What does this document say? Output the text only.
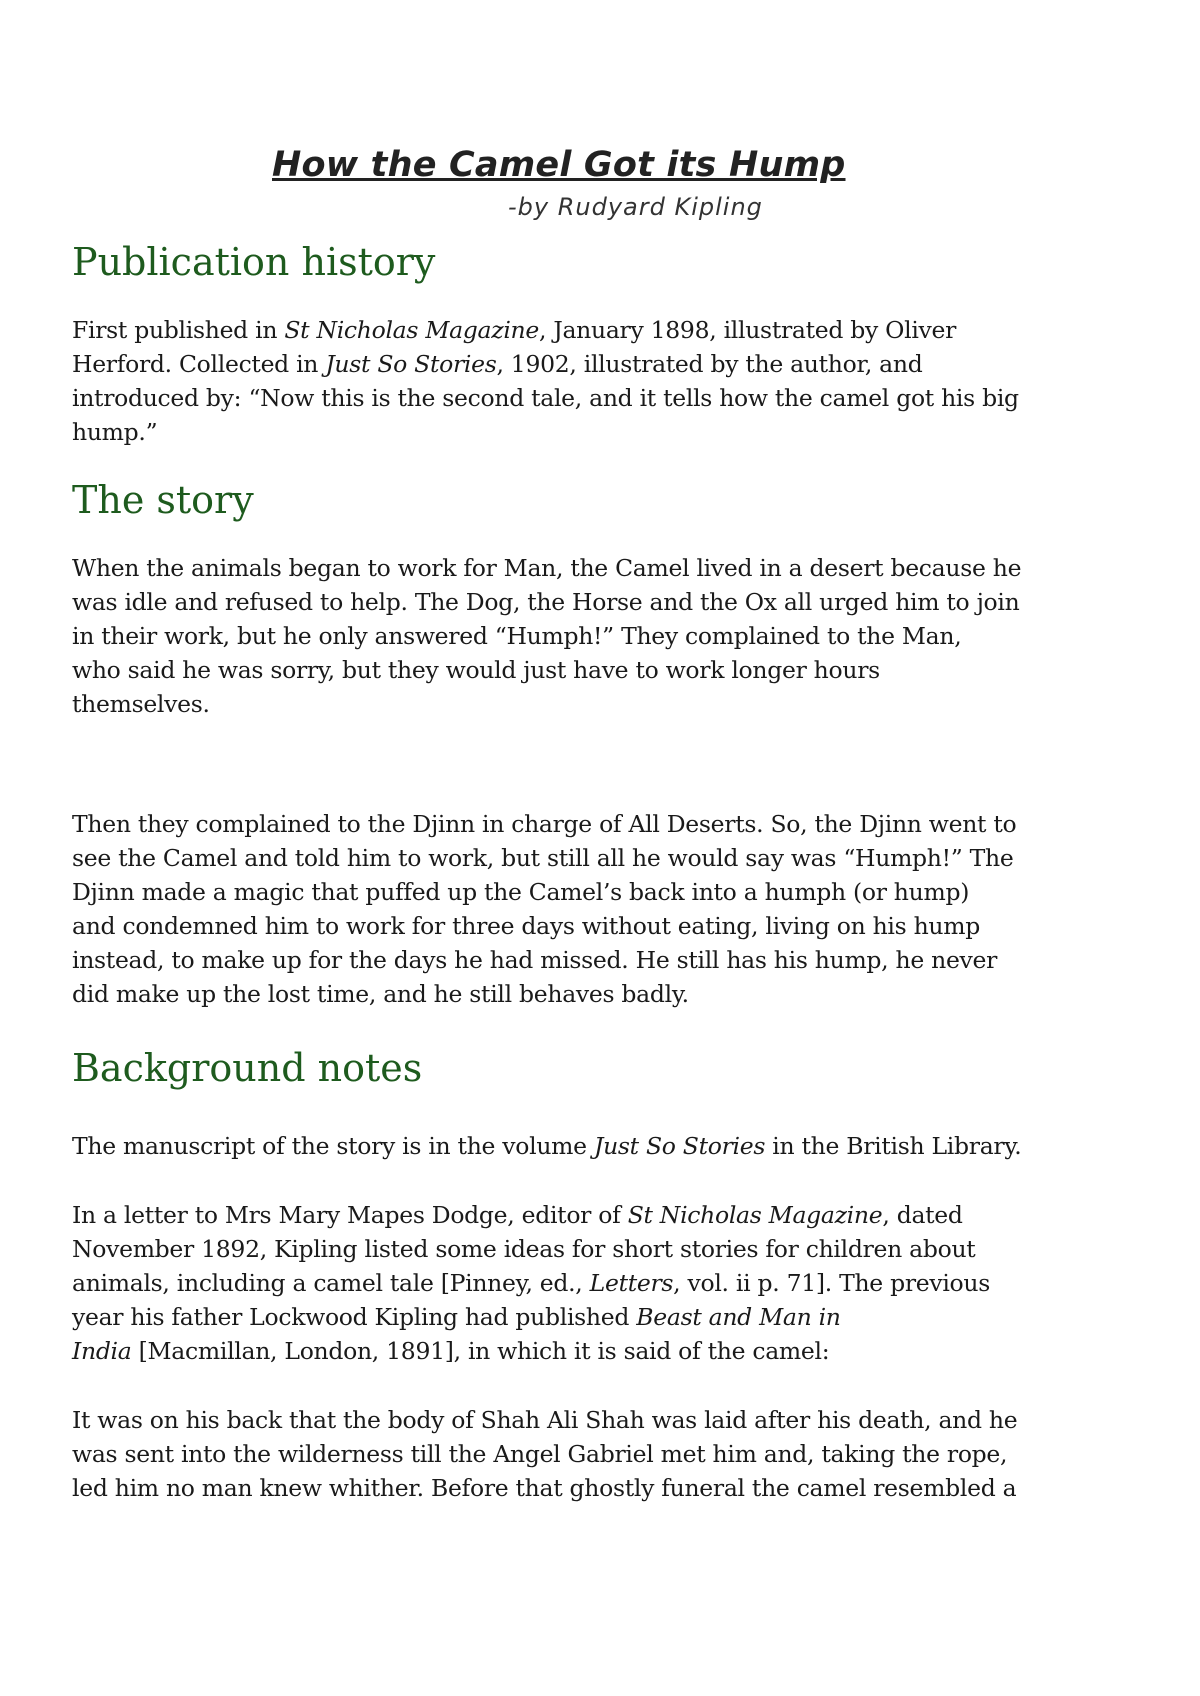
How the Camel Got its Hump
-by Rudyard Kipling
Publication history

First published in St Nicholas Magazine, January 1898, illustrated by Oliver
Herford. Collected in Just So Stories, 1902, illustrated by the author, and
introduced by: “Now this is the second tale, and it tells how the camel got his big
hump.”

The story

When the animals began to work for Man, the Camel lived in a desert because he
was idle and refused to help. The Dog, the Horse and the Ox all urged him to join
in their work, but he only answered “Humph!” They complained to the Man,
who said he was sorry, but they would just have to work longer hours
themselves.

Then they complained to the Djinn in charge of All Deserts. So, the Djinn went to
see the Camel and told him to work, but still all he would say was “Humph!” The
Djinn made a magic that puffed up the Camel’s back into a humph (or hump)
and condemned him to work for three days without eating, living on his hump
instead, to make up for the days he had missed. He still has his hump, he never
did make up the lost time, and he still behaves badly.

Background notes

The manuscript of the story is in the volume Just So Stories in the British Library.

In a letter to Mrs Mary Mapes Dodge, editor of St Nicholas Magazine, dated
November 1892, Kipling listed some ideas for short stories for children about
animals, including a camel tale [Pinney, ed., Letters, vol. ii p. 71]. The previous
year his father Lockwood Kipling had published Beast and Man in
India [Macmillan, London, 1891], in which it is said of the camel:

It was on his back that the body of Shah Ali Shah was laid after his death, and he
was sent into the wilderness till the Angel Gabriel met him and, taking the rope,
led him no man knew whither. Before that ghostly funeral the camel resembled a
